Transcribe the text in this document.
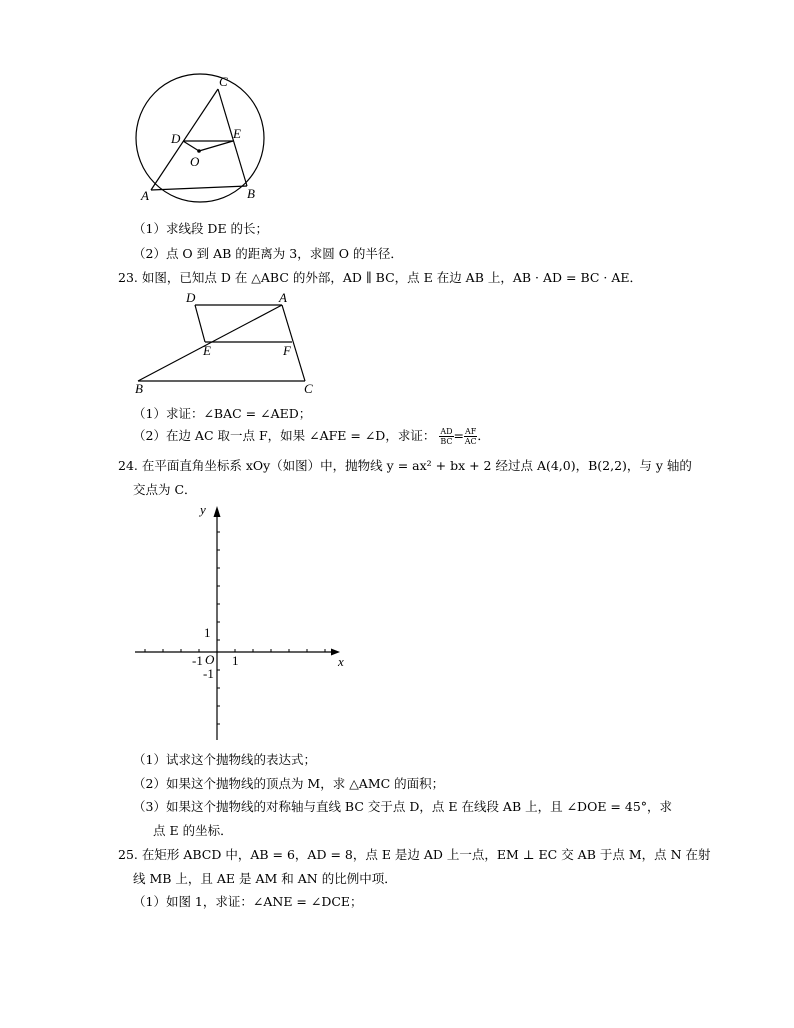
C
D	E
O
A	B
（1）求线段 DE 的长；
（2）点 O 到 AB 的距离为 3，求圆 O 的半径．
23. 如图，已知点 D 在 △ABC 的外部，AD ∥ BC，点 E 在边 AB 上，AB · AD = BC · AE．
D	A
E	F
B	C
（1）求证：∠BAC = ∠AED；
（2）在边 AC 取一点 F，如果 ∠AFE = ∠D，求证： $\frac{AD}{BC} = \frac{AF}{AC}$ ．
24. 在平面直角坐标系 xOy（如图）中，抛物线 y = ax² + bx + 2 经过点 A(4,0)，B(2,2)，与 y 轴的
交点为 C．
y
x
O
1
-1 1
-1
（1）试求这个抛物线的表达式；
（2）如果这个抛物线的顶点为 M，求 △AMC 的面积；
（3）如果这个抛物线的对称轴与直线 BC 交于点 D，点 E 在线段 AB 上，且 ∠DOE = 45°，求
点 E 的坐标．
25. 在矩形 ABCD 中，AB = 6，AD = 8，点 E 是边 AD 上一点，EM ⊥ EC 交 AB 于点 M，点 N 在射
线 MB 上，且 AE 是 AM 和 AN 的比例中项．
（1）如图 1，求证：∠ANE = ∠DCE；
